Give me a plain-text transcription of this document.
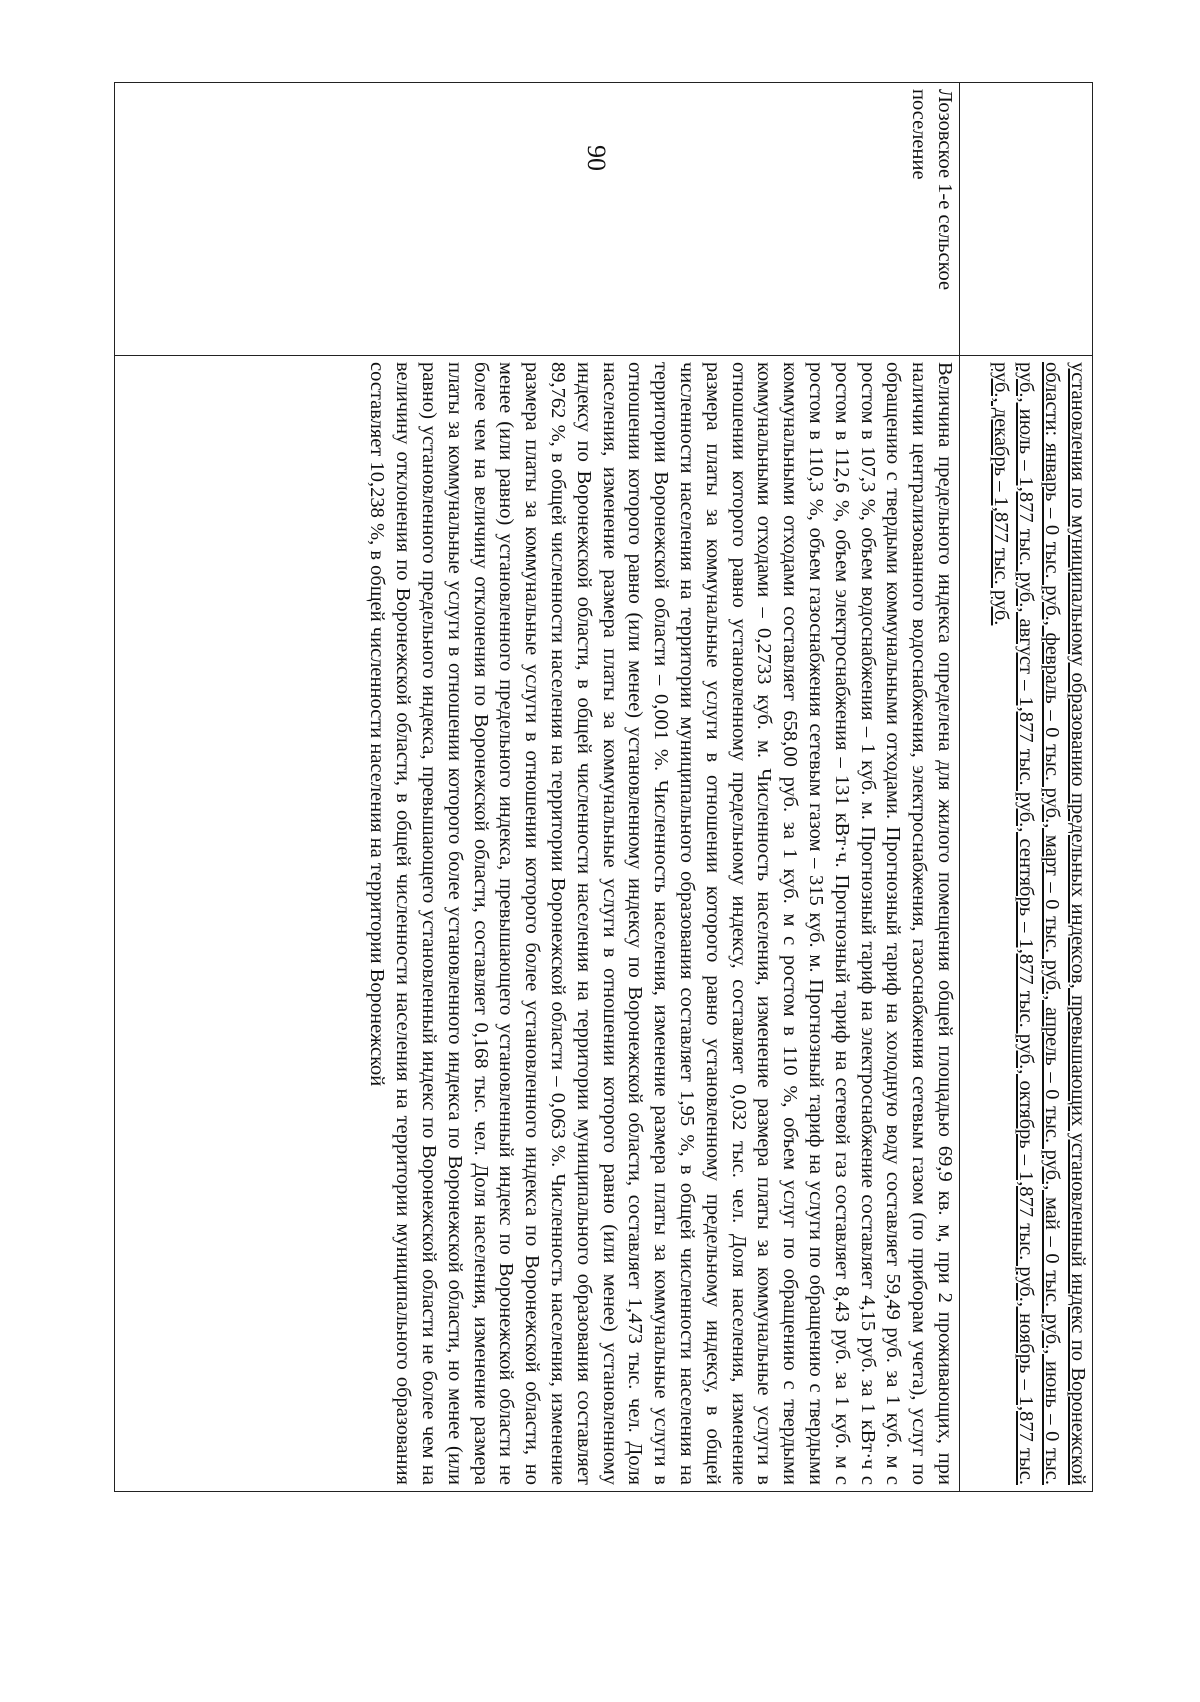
90
	установления по муниципальному образованию предельных индексов, превышающих установленный индекс по Воронежской области: январь – 0 тыс. руб., февраль – 0 тыс. руб., март – 0 тыс. руб., апрель – 0 тыс. руб., май – 0 тыс. руб., июнь – 0 тыс. руб., июль – 1,877 тыс. руб., август – 1,877 тыс. руб., сентябрь – 1,877 тыс. руб., октябрь – 1,877 тыс. руб., ноябрь – 1,877 тыс. руб., декабрь – 1,877 тыс. руб.
Лозовское 1-е сельское поселение	Величина предельного индекса определена для жилого помещения общей площадью 69,9 кв. м, при 2 проживающих, при наличии централизованного водоснабжения, электроснабжения, газоснабжения сетевым газом (по приборам учета), услуг по обращению с твердыми коммунальными отходами. Прогнозный тариф на холодную воду составляет 59,49 руб. за 1 куб. м с ростом в 107,3 %, объем водоснабжения – 1 куб. м. Прогнозный тариф на электроснабжение составляет 4,15 руб. за 1 кВт·ч с ростом в 112,6 %, объем электроснабжения – 131 кВт·ч. Прогнозный тариф на сетевой газ составляет 8,43 руб. за 1 куб. м с ростом в 110,3 %, объем газоснабжения сетевым газом – 315 куб. м. Прогнозный тариф на услуги по обращению с твердыми коммунальными отходами составляет 658,00 руб. за 1 куб. м с ростом в 110 %, объем услуг по обращению с твердыми коммунальными отходами – 0,2733 куб. м. Численность населения, изменение размера платы за коммунальные услуги в отношении которого равно установленному предельному индексу, составляет 0,032 тыс. чел. Доля населения, изменение размера платы за коммунальные услуги в отношении которого равно установленному предельному индексу, в общей численности населения на территории муниципального образования составляет 1,95 %, в общей численности населения на территории Воронежской области – 0,001 %. Численность населения, изменение размера платы за коммунальные услуги в отношении которого равно (или менее) установленному индексу по Воронежской области, составляет 1,473 тыс. чел. Доля населения, изменение размера платы за коммунальные услуги в отношении которого равно (или менее) установленному индексу по Воронежской области, в общей численности населения на территории муниципального образования составляет 89,762 %, в общей численности населения на территории Воронежской области – 0,063 %. Численность населения, изменение размера платы за коммунальные услуги в отношении которого более установленного индекса по Воронежской области, но менее (или равно) установленного предельного индекса, превышающего установленный индекс по Воронежской области не более чем на величину отклонения по Воронежской области, составляет 0,168 тыс. чел. Доля населения, изменение размера платы за коммунальные услуги в отношении которого более установленного индекса по Воронежской области, но менее (или равно) установленного предельного индекса, превышающего установленный индекс по Воронежской области не более чем на величину отклонения по Воронежской области, в общей численности населения на территории муниципального образования составляет 10,238 %, в общей численности населения на территории Воронежской
